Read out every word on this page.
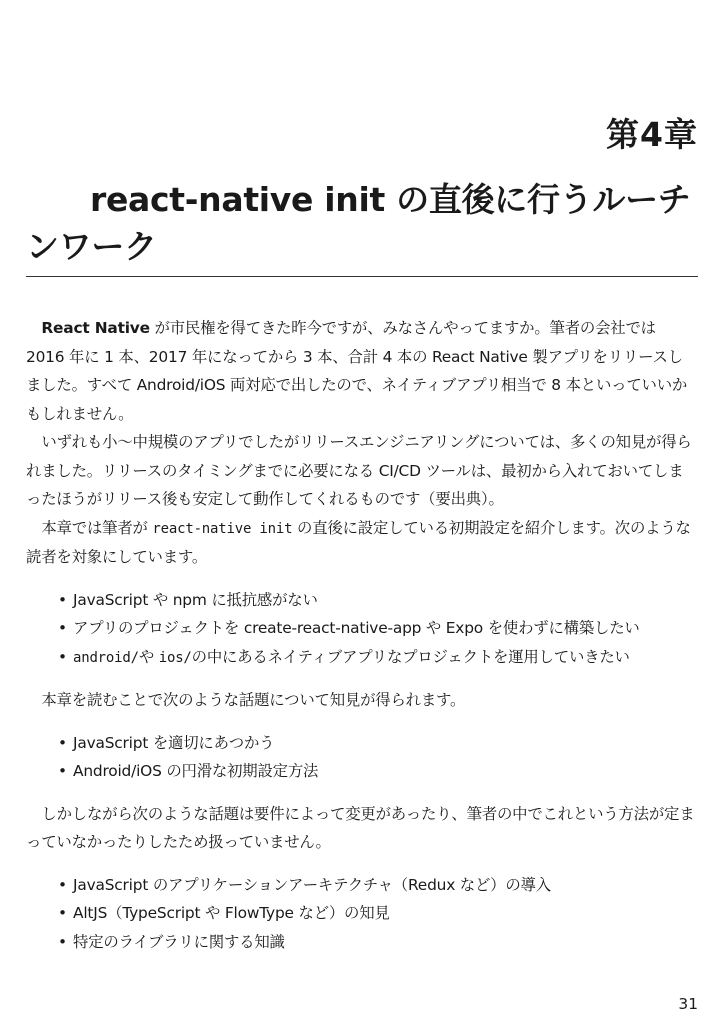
第4章
react-native init の直後に行うルーチンワーク

React Native が市民権を得てきた昨今ですが、みなさんやってますか。筆者の会社では 2016 年に 1 本、2017 年になってから 3 本、合計 4 本の React Native 製アプリをリリースしました。すべて Android/iOS 両対応で出したので、ネイティブアプリ相当で 8 本といっていいかもしれません。

いずれも小〜中規模のアプリでしたがリリースエンジニアリングについては、多くの知見が得られました。リリースのタイミングまでに必要になる CI/CD ツールは、最初から入れておいてしまったほうがリリース後も安定して動作してくれるものです（要出典）。

本章では筆者が react-native init の直後に設定している初期設定を紹介します。次のような読者を対象にしています。

• JavaScript や npm に抵抗感がない
• アプリのプロジェクトを create-react-native-app や Expo を使わずに構築したい
• android/や ios/の中にあるネイティブアプリなプロジェクトを運用していきたい

本章を読むことで次のような話題について知見が得られます。

• JavaScript を適切にあつかう
• Android/iOS の円滑な初期設定方法

しかしながら次のような話題は要件によって変更があったり、筆者の中でこれという方法が定まっていなかったりしたため扱っていません。

• JavaScript のアプリケーションアーキテクチャ（Redux など）の導入
• AltJS（TypeScript や FlowType など）の知見
• 特定のライブラリに関する知識
31
